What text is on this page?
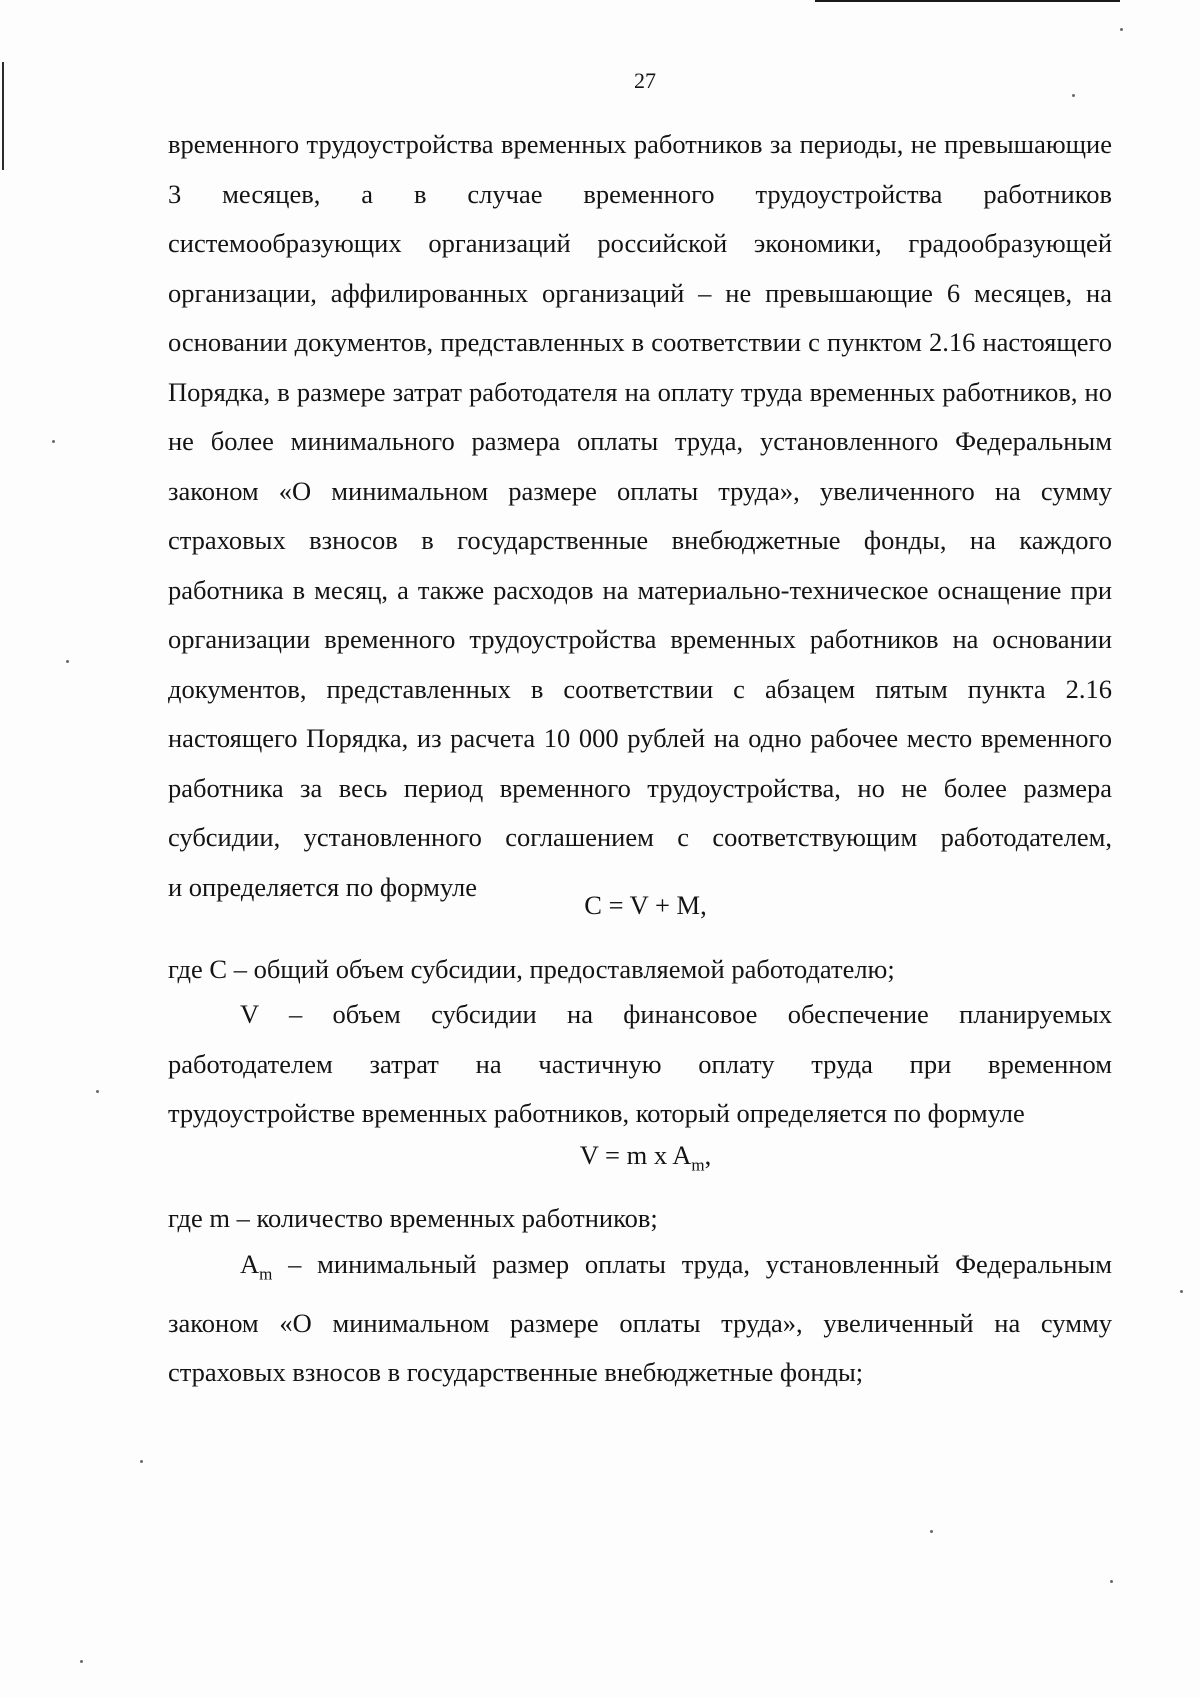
27
временного трудоустройства временных работников за периоды, не превышающие 3 месяцев, а в случае временного трудоустройства работников системообразующих организаций российской экономики, градообразующей организации, аффилированных организаций – не превышающие 6 месяцев, на основании документов, представленных в соответствии с пунктом 2.16 настоящего Порядка, в размере затрат работодателя на оплату труда временных работников, но не более минимального размера оплаты труда, установленного Федеральным законом «О минимальном размере оплаты труда», увеличенного на сумму страховых взносов в государственные внебюджетные фонды, на каждого работника в месяц, а также расходов на материально-техническое оснащение при организации временного трудоустройства временных работников на основании документов, представленных в соответствии с абзацем пятым пункта 2.16 настоящего Порядка, из расчета 10 000 рублей на одно рабочее место временного работника за весь период временного трудоустройства, но не более размера субсидии, установленного соглашением с соответствующим работодателем,
и определяется по формуле
C = V + M,
где C – общий объем субсидии, предоставляемой работодателю;
V – объем субсидии на финансовое обеспечение планируемых работодателем затрат на частичную оплату труда при временном
трудоустройстве временных работников, который определяется по формуле
V = m x $A_m$,
где m – количество временных работников;
$A_m$ – минимальный размер оплаты труда, установленный Федеральным законом «О минимальном размере оплаты труда», увеличенный на сумму
страховых взносов в государственные внебюджетные фонды;
